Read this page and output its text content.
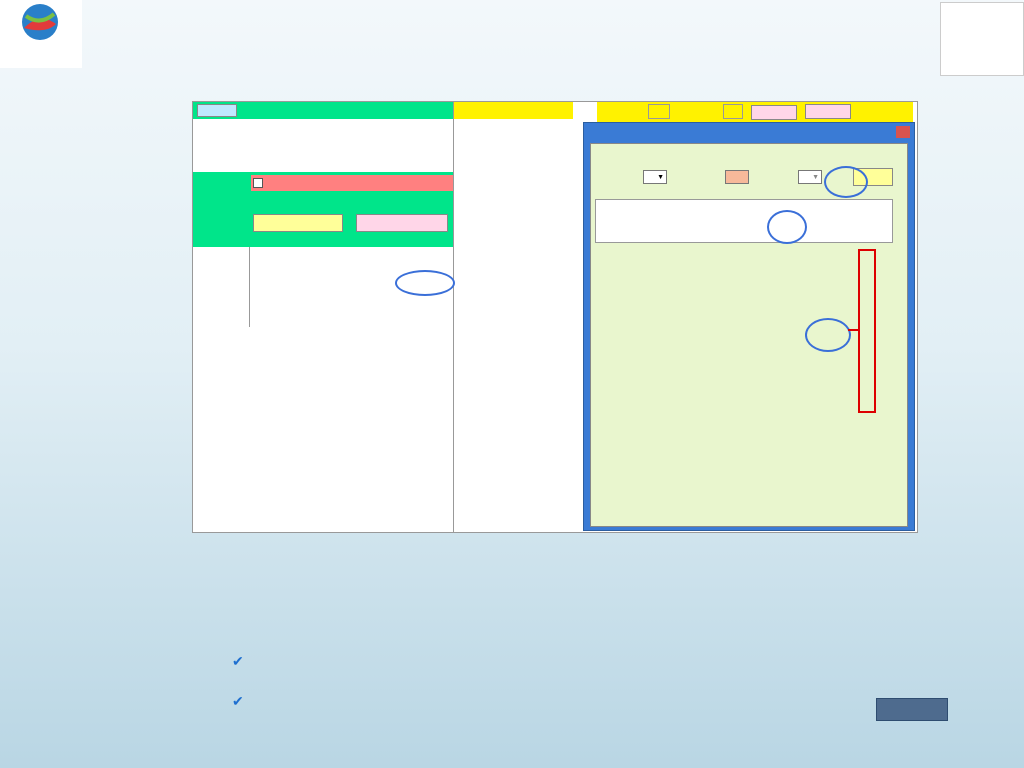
▼	▼
✔
✔
